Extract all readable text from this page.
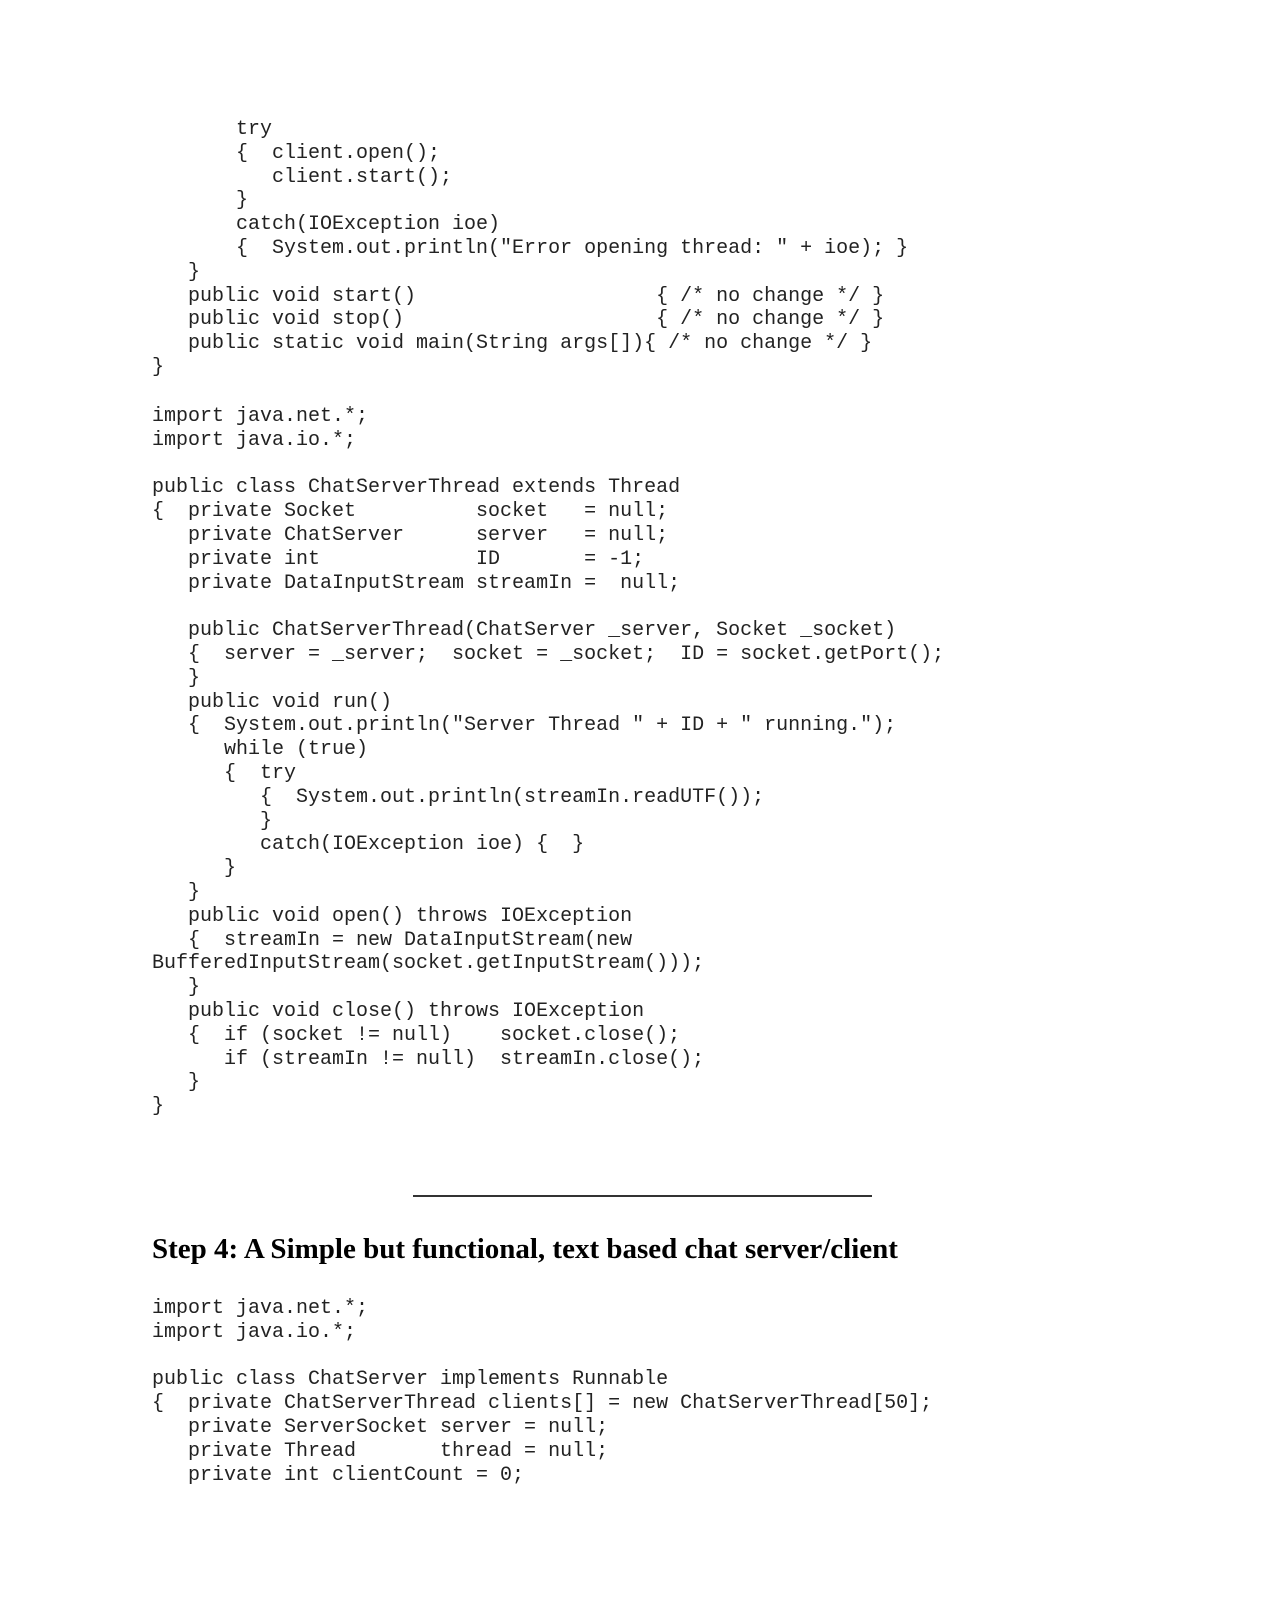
try
{  client.open();
client.start();
}
catch(IOException ioe)
{  System.out.println("Error opening thread: " + ioe); }
}
public void start()                    { /* no change */ }
public void stop()                     { /* no change */ }
public static void main(String args[]){ /* no change */ }
}
import java.net.*;
import java.io.*;
public class ChatServerThread extends Thread
{  private Socket          socket   = null;
private ChatServer      server   = null;
private int             ID       = -1;
private DataInputStream streamIn =  null;
public ChatServerThread(ChatServer _server, Socket _socket)
{  server = _server;  socket = _socket;  ID = socket.getPort();
}
public void run()
{  System.out.println("Server Thread " + ID + " running.");
while (true)
{  try
{  System.out.println(streamIn.readUTF());
}
catch(IOException ioe) {  }
}
}
public void open() throws IOException
{  streamIn = new DataInputStream(new
BufferedInputStream(socket.getInputStream()));
}
public void close() throws IOException
{  if (socket != null)    socket.close();
if (streamIn != null)  streamIn.close();
}
}
Step 4: A Simple but functional, text based chat server/client
import java.net.*;
import java.io.*;
public class ChatServer implements Runnable
{  private ChatServerThread clients[] = new ChatServerThread[50];
private ServerSocket server = null;
private Thread       thread = null;
private int clientCount = 0;
